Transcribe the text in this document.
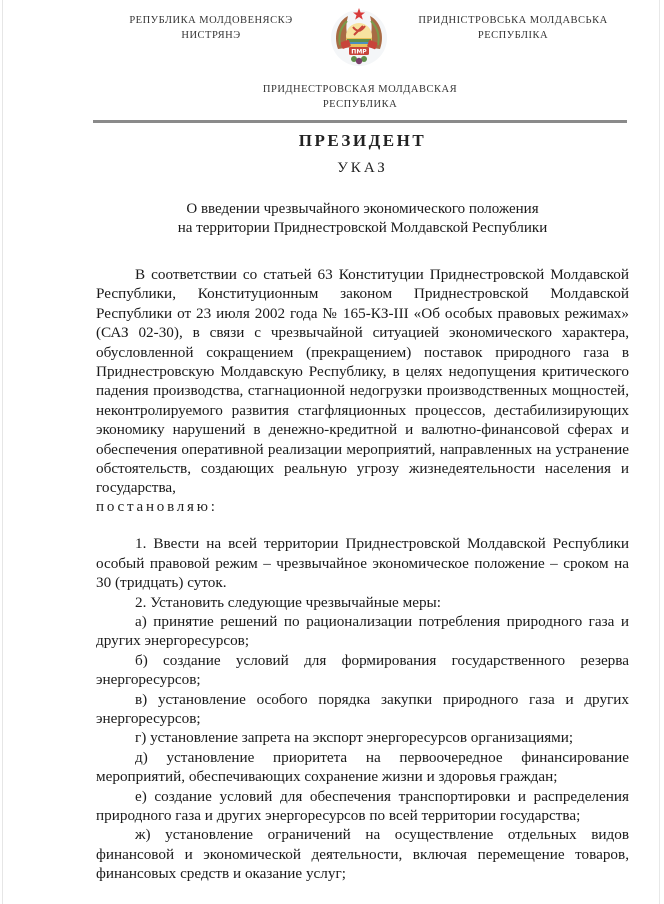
РЕПУБЛИКА МОЛДОВЕНЯСКЭ
НИСТРЯНЭ
ПМР
ПРИДНІСТРОВСЬКА МОЛДАВСЬКА
РЕСПУБЛІКА
ПРИДНЕСТРОВСКАЯ МОЛДАВСКАЯ
РЕСПУБЛИКА
ПРЕЗИДЕНТ
УКАЗ
О введении чрезвычайного экономического положения
на территории Приднестровской Молдавской Республики

В соответствии со статьей 63 Конституции Приднестровской Молдавской Республики, Конституционным законом Приднестровской Молдавской Республики от 23 июля 2002 года № 165-КЗ-III «Об особых правовых режимах» (САЗ 02-30), в связи с чрезвычайной ситуацией экономического характера, обусловленной сокращением (прекращением) поставок природного газа в Приднестровскую Молдавскую Республику, в целях недопущения критического падения производства, стагнационной недогрузки производственных мощностей, неконтролируемого развития стагфляционных процессов, дестабилизирующих экономику нарушений в денежно-кредитной и валютно-финансовой сферах и обеспечения оперативной реализации мероприятий, направленных на устранение обстоятельств, создающих реальную угрозу жизнедеятельности населения и государства,

постановляю:

1. Ввести на всей территории Приднестровской Молдавской Республики особый правовой режим – чрезвычайное экономическое положение – сроком на 30 (тридцать) суток.

2. Установить следующие чрезвычайные меры:

а) принятие решений по рационализации потребления природного газа и других энергоресурсов;

б) создание условий для формирования государственного резерва энергоресурсов;

в) установление особого порядка закупки природного газа и других энергоресурсов;

г) установление запрета на экспорт энергоресурсов организациями;

д) установление приоритета на первоочередное финансирование мероприятий, обеспечивающих сохранение жизни и здоровья граждан;

е) создание условий для обеспечения транспортировки и распределения природного газа и других энергоресурсов по всей территории государства;

ж) установление ограничений на осуществление отдельных видов финансовой и экономической деятельности, включая перемещение товаров, финансовых средств и оказание услуг;
